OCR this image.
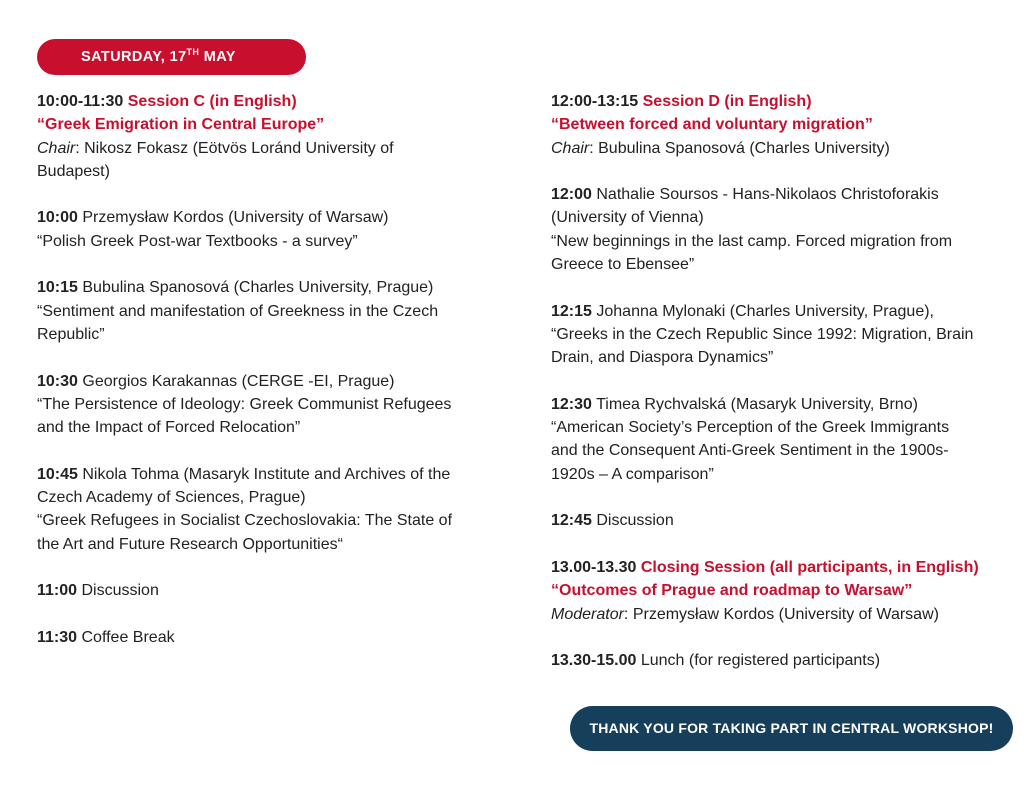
SATURDAY, 17TH MAY
10:00-11:30 Session C (in English)
“Greek Emigration in Central Europe”
Chair: Nikosz Fokasz (Eötvös Loránd University of
Budapest)
10:00 Przemysław Kordos (University of Warsaw)
“Polish Greek Post-war Textbooks - a survey”
10:15 Bubulina Spanosová (Charles University, Prague)
“Sentiment and manifestation of Greekness in the Czech
Republic”
10:30 Georgios Karakannas (CERGE -EI, Prague)
“The Persistence of Ideology: Greek Communist Refugees
and the Impact of Forced Relocation”
10:45 Nikola Tohma (Masaryk Institute and Archives of the
Czech Academy of Sciences, Prague)
“Greek Refugees in Socialist Czechoslovakia: The State of
the Art and Future Research Opportunities“
11:00 Discussion
11:30 Coffee Break
12:00-13:15 Session D (in English)
“Between forced and voluntary migration”
Chair: Bubulina Spanosová (Charles University)
12:00 Nathalie Soursos - Hans-Nikolaos Christoforakis
(University of Vienna)
“New beginnings in the last camp. Forced migration from
Greece to Ebensee”
12:15 Johanna Mylonaki (Charles University, Prague),
“Greeks in the Czech Republic Since 1992: Migration, Brain
Drain, and Diaspora Dynamics”
12:30 Timea Rychvalská (Masaryk University, Brno)
“American Society’s Perception of the Greek Immigrants
and the Consequent Anti-Greek Sentiment in the 1900s-
1920s – A comparison”
12:45 Discussion
13.00-13.30 Closing Session (all participants, in English)
“Outcomes of Prague and roadmap to Warsaw”
Moderator: Przemysław Kordos (University of Warsaw)
13.30-15.00 Lunch (for registered participants)
THANK YOU FOR TAKING PART IN CENTRAL WORKSHOP!
